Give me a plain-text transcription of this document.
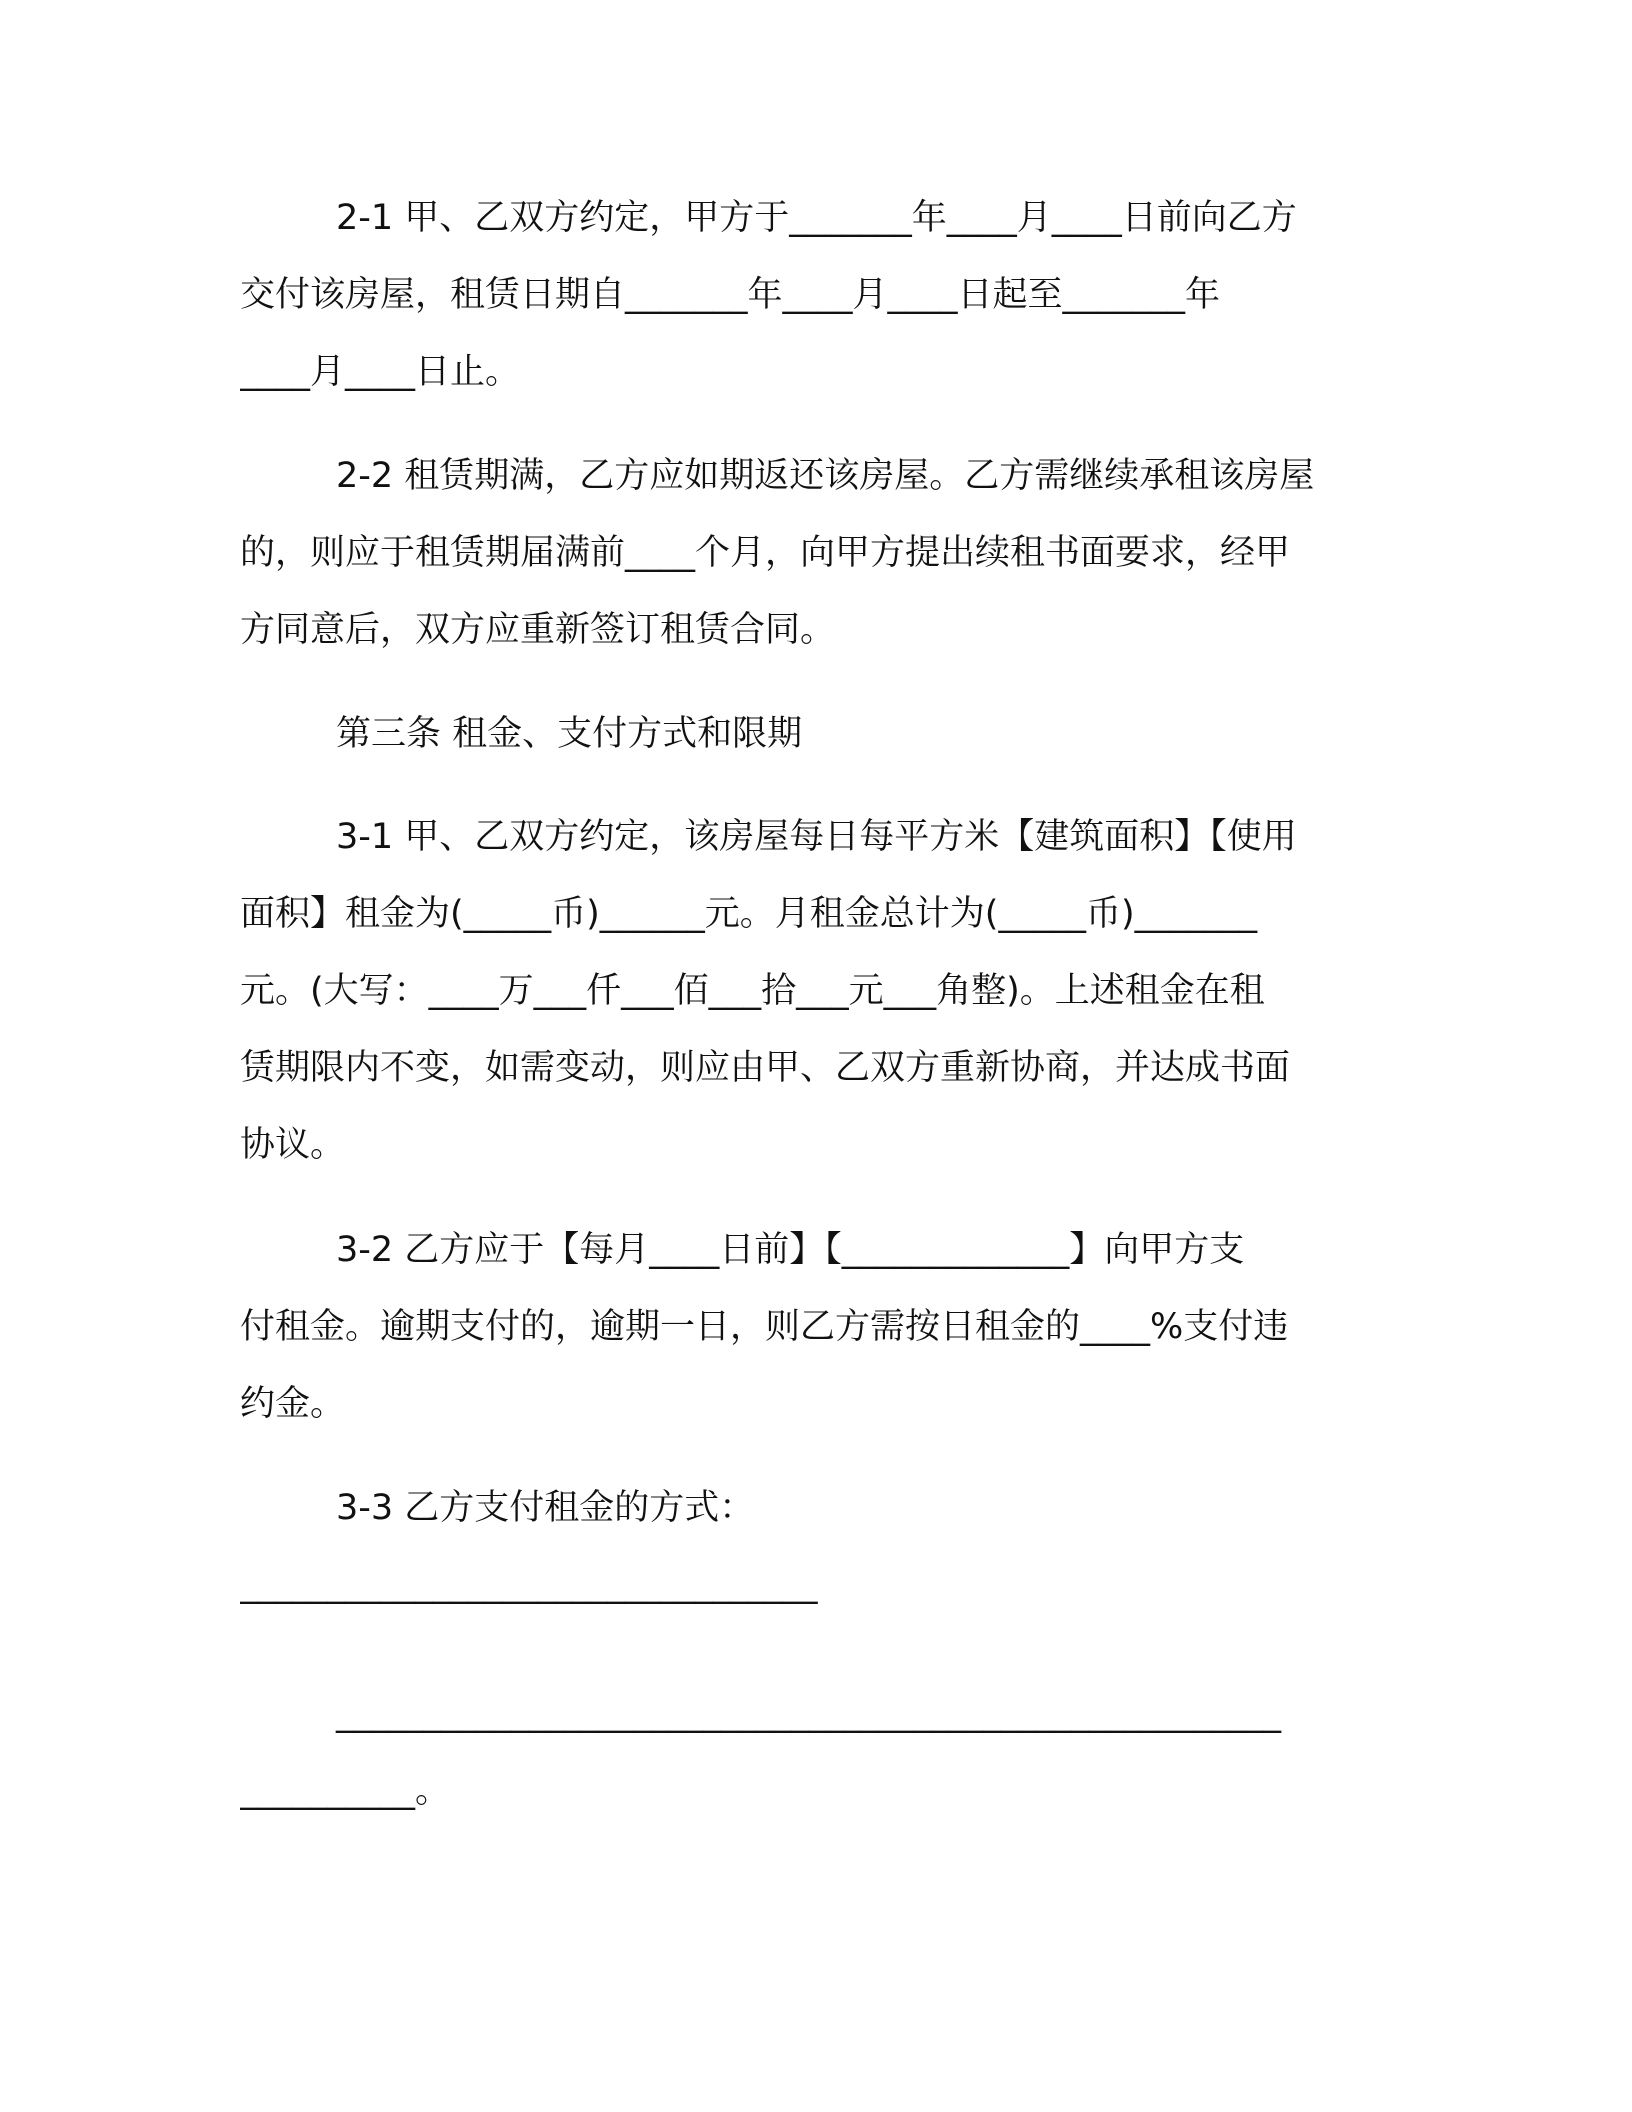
2-1 甲、乙双方约定，甲方于_______年____月____日前向乙方
交付该房屋，租赁日期自_______年____月____日起至_______年
____月____日止。

2-2 租赁期满，乙方应如期返还该房屋。乙方需继续承租该房屋
的，则应于租赁期届满前____个月，向甲方提出续租书面要求，经甲
方同意后，双方应重新签订租赁合同。

第三条 租金、支付方式和限期

3-1 甲、乙双方约定，该房屋每日每平方米【建筑面积】【使用
面积】租金为(_____币)______元。月租金总计为(_____币)_______
元。(大写：____万___仟___佰___拾___元___角整)。上述租金在租
赁期限内不变，如需变动，则应由甲、乙双方重新协商，并达成书面
协议。

3-2 乙方应于【每月____日前】【_____________】向甲方支
付租金。逾期支付的，逾期一日，则乙方需按日租金的____%支付违
约金。

3-3 乙方支付租金的方式：

_________________________________

______________________________________________________
__________。
